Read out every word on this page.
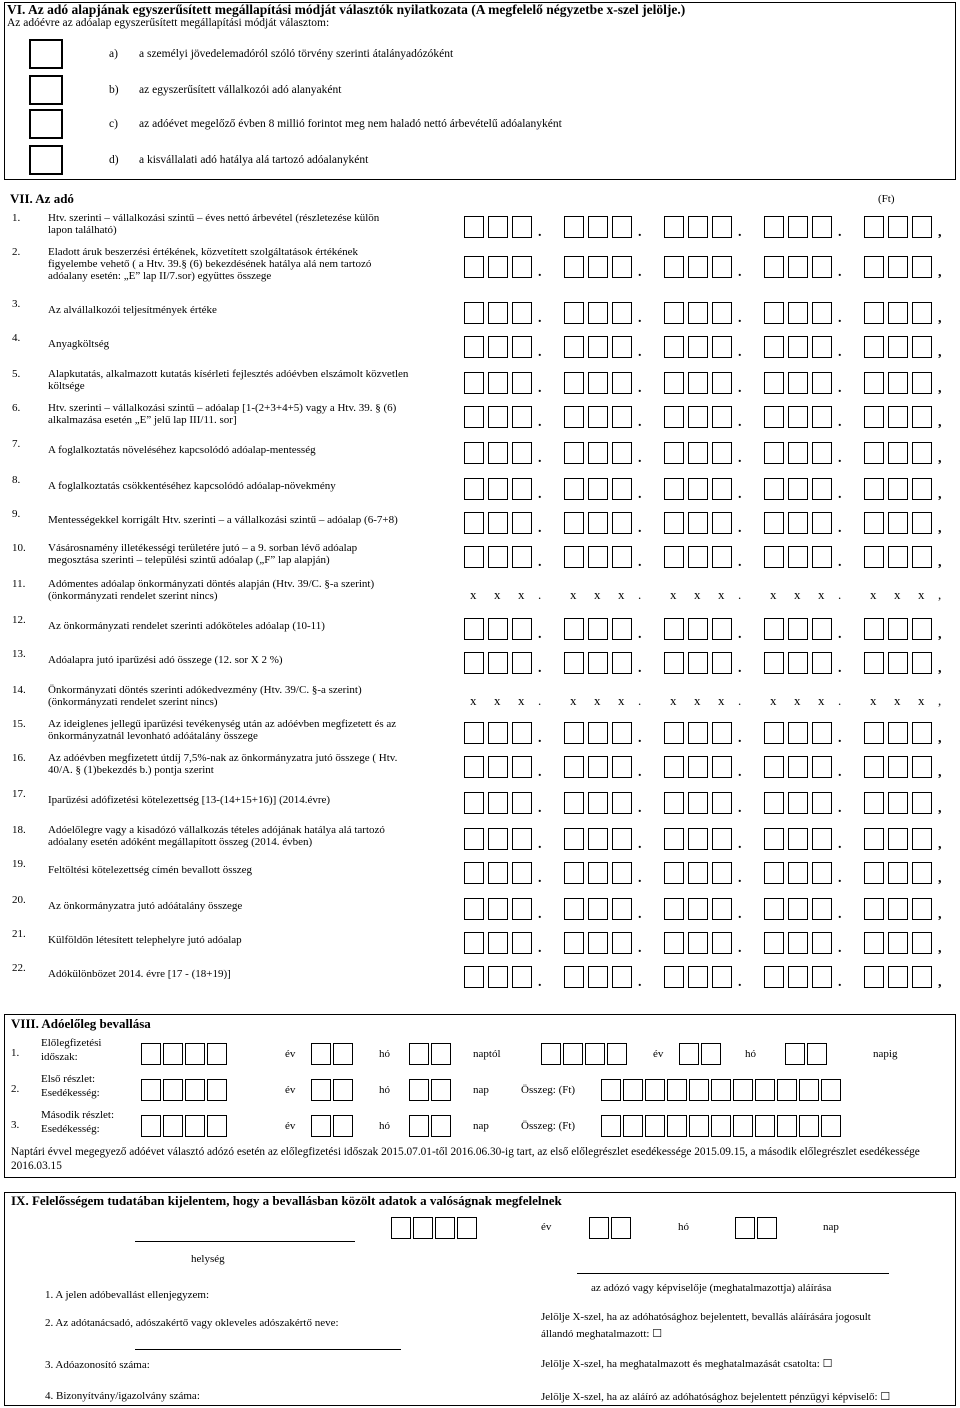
VI. Az adó alapjának egyszerűsített megállapítási módját választók nyilatkozata (A megfelelő négyzetbe x-szel jelölje.)
Az adóévre az adóalap egyszerűsített megállapítási módját választom:
a) a személyi jövedelemadóról szóló törvény szerinti átalányadózóként
b) az egyszerűsített vállalkozói adó alanyaként
c) az adóévet megelőző évben 8 millió forintot meg nem haladó nettó árbevételű adóalanyként
d) a kisvállalati adó hatálya alá tartozó adóalanyként
VII. Az adó	(Ft)
1.	Htv. szerinti – vállalkozási szintű – éves nettó árbevétel (részletezése külön
lapon található)	.	.	.	.	,
2.	Eladott áruk beszerzési értékének, közvetített szolgáltatások értékének
figyelembe vehető ( a Htv. 39.§ (6) bekezdésének hatálya alá nem tartozó
adóalany esetén: „E” lap II/7.sor) együttes összege	.	.	.	.	,
3.	Az alvállalkozói teljesítmények értéke
.	.	.	.	,
4.	Anyagköltség
.	.	.	.	,
5.	Alapkutatás, alkalmazott kutatás kísérleti fejlesztés adóévben elszámolt közvetlen
költsége	.	.	.	.	,
6.	Htv. szerinti – vállalkozási szintű – adóalap [1-(2+3+4+5) vagy a Htv. 39. § (6)
alkalmazása esetén „E” jelű lap III/11. sor]	.	.	.	.	,
7.	A foglalkoztatás növeléséhez kapcsolódó adóalap-mentesség
.	.	.	.	,
8.	A foglalkoztatás csökkentéséhez kapcsolódó adóalap-növekmény
.	.	.	.	,
9.	Mentességekkel korrigált Htv. szerinti – a vállalkozási szintű – adóalap (6-7+8)
.	.	.	.	,
10. Vásárosnamény illetékességi területére jutó – a 9. sorban lévő adóalap
megosztása szerinti – települési szintű adóalap („F” lap alapján)	.	.	.	.	,
11. Adómentes adóalap önkormányzati döntés alapján (Htv. 39/C. §-a szerint)
(önkormányzati rendelet szerint nincs)	x x x . x x x . x x x . x x x . x x x ,
12. Az önkormányzati rendelet szerinti adóköteles adóalap (10-11)
.	.	.	.	,
13. Adóalapra jutó iparűzési adó összege (12. sor X 2 %)
.	.	.	.	,
14. Önkormányzati döntés szerinti adókedvezmény (Htv. 39/C. §-a szerint)
(önkormányzati rendelet szerint nincs)	x x x . x x x . x x x . x x x . x x x ,
15. Az ideiglenes jellegű iparűzési tevékenység után az adóévben megfizetett és az
önkormányzatnál levonható adóátalány összege	.	.	.	.	,
16. Az adóévben megfizetett útdíj 7,5%-nak az önkormányzatra jutó összege ( Htv.
40/A. § (1)bekezdés b.) pontja szerint	.	.	.	.	,
17. Iparűzési adófizetési kötelezettség [13-(14+15+16)] (2014.évre)
.	.	.	.	,
18. Adóelőlegre vagy a kisadózó vállalkozás tételes adójának hatálya alá tartozó
adóalany esetén adóként megállapított összeg (2014. évben)	.	.	.	.	,
19. Feltöltési kötelezettség címén bevallott összeg
.	.	.	.	,
20. Az önkormányzatra jutó adóátalány összege
.	.	.	.	,
21. Külföldön létesített telephelyre jutó adóalap
.	.	.	.	,
22. Adókülönbözet 2014. évre [17 - (18+19)]
.	.	.	.	,
VIII. Adóelőleg bevallása
1.
Előlegfizetési
időszak:	év	hó	naptól	év	hó	napig
2.
Első részlet:
Esedékesség:	év	hó	nap	Összeg: (Ft)
3.
Második részlet:
Esedékesség:	év	hó	nap	Összeg: (Ft)
Naptári évvel megegyező adóévet választó adózó esetén az előlegfizetési időszak 2015.07.01-től 2016.06.30-ig tart, az első előlegrészlet esedékessége 2015.09.15, a második előlegrészlet esedékessége 2016.03.15
IX. Felelősségem tudatában kijelentem, hogy a bevallásban közölt adatok a valóságnak megfelelnek
év	hó	nap
helység
az adózó vagy képviselője (meghatalmazottja) aláírása
1. A jelen adóbevallást ellenjegyzem:
2. Az adótanácsadó, adószakértő vagy okleveles adószakértő neve:
3. Adóazonosító száma:
4. Bizonyítvány/igazolvány száma:
Jelölje X-szel, ha az adóhatósághoz bejelentett, bevallás aláírására jogosult
állandó meghatalmazott: ☐
Jelölje X-szel, ha meghatalmazott és meghatalmazását csatolta: ☐
Jelölje X-szel, ha az aláíró az adóhatósághoz bejelentett pénzügyi képviselő: ☐
